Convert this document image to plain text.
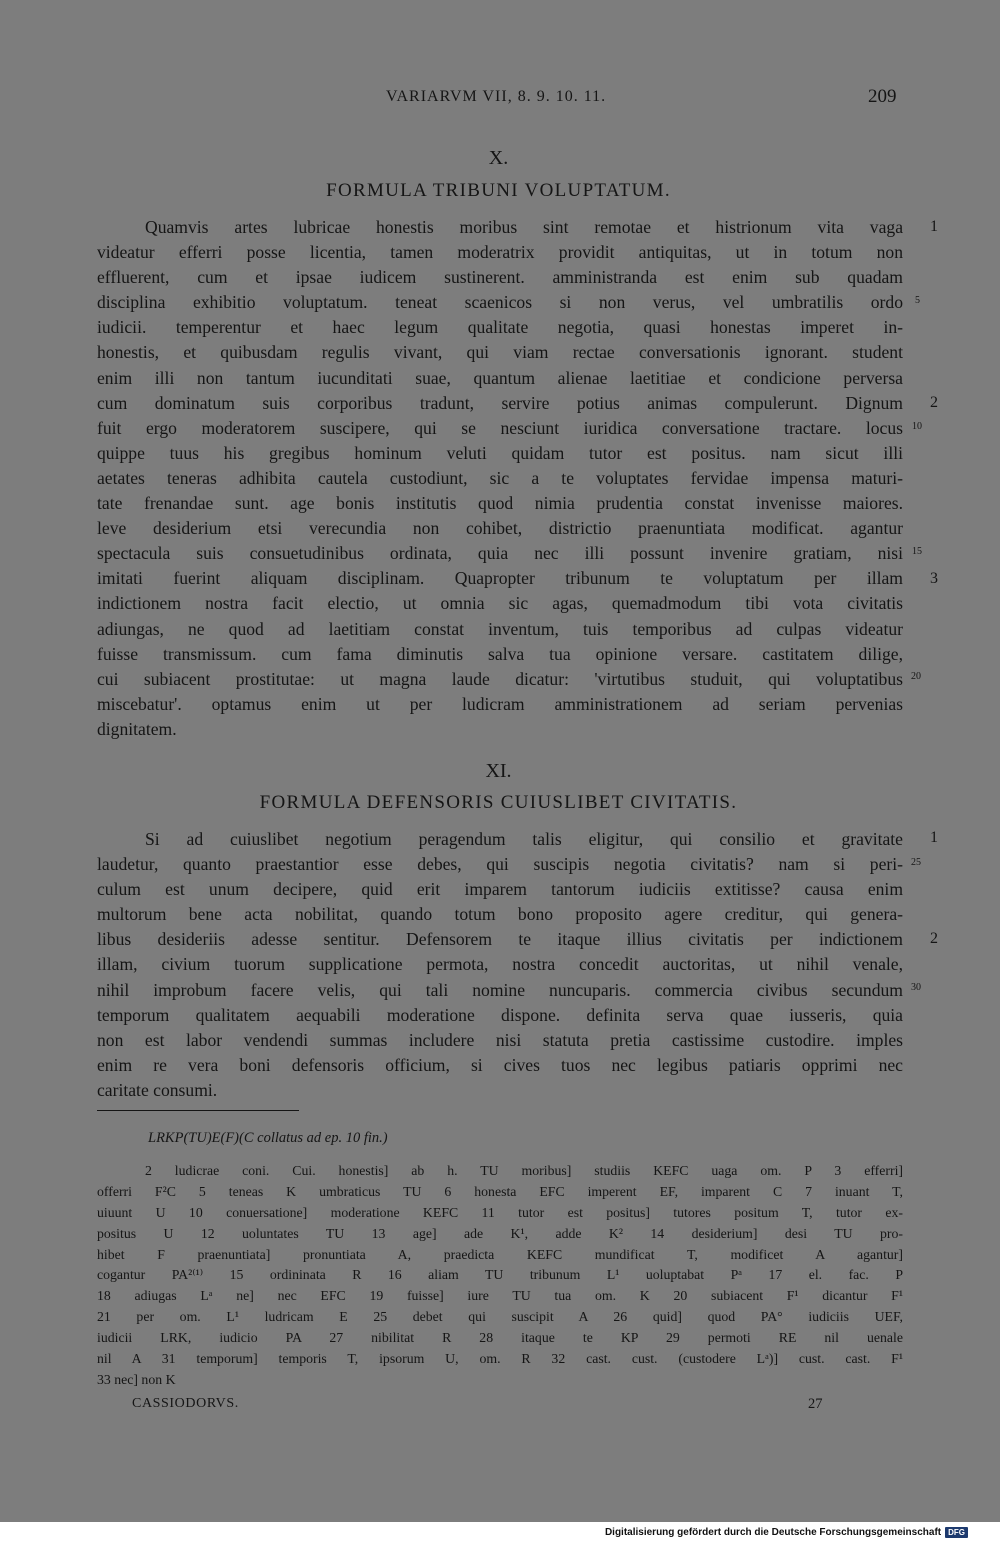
VARIARVM VII, 8. 9. 10. 11.	209
X.
FORMULA TRIBUNI VOLUPTATUM.
Quamvis artes lubricae honestis moribus sint remotae et histrionum vita vaga
videatur efferri posse licentia, tamen moderatrix providit antiquitas, ut in totum non
effluerent, cum et ipsae iudicem sustinerent. amministranda est enim sub quadam
disciplina exhibitio voluptatum. teneat scaenicos si non verus, vel umbratilis ordo
iudicii. temperentur et haec legum qualitate negotia, quasi honestas imperet in-
honestis, et quibusdam regulis vivant, qui viam rectae conversationis ignorant. student
enim illi non tantum iucunditati suae, quantum alienae laetitiae et condicione perversa
cum dominatum suis corporibus tradunt, servire potius animas compulerunt. Dignum
fuit ergo moderatorem suscipere, qui se nesciunt iuridica conversatione tractare. locus
quippe tuus his gregibus hominum veluti quidam tutor est positus. nam sicut illi
aetates teneras adhibita cautela custodiunt, sic a te voluptates fervidae impensa maturi-
tate frenandae sunt. age bonis institutis quod nimia prudentia constat invenisse maiores.
leve desiderium etsi verecundia non cohibet, districtio praenuntiata modificat. agantur
spectacula suis consuetudinibus ordinata, quia nec illi possunt invenire gratiam, nisi
imitati fuerint aliquam disciplinam. Quapropter tribunum te voluptatum per illam
indictionem nostra facit electio, ut omnia sic agas, quemadmodum tibi vota civitatis
adiungas, ne quod ad laetitiam constat inventum, tuis temporibus ad culpas videatur
fuisse transmissum. cum fama diminutis salva tua opinione versare. castitatem dilige,
cui subiacent prostitutae: ut magna laude dicatur: 'virtutibus studuit, qui voluptatibus
miscebatur'. optamus enim ut per ludicram amministrationem ad seriam pervenias
dignitatem.
5
10
15
20
1
2
3
XI.
FORMULA DEFENSORIS CUIUSLIBET CIVITATIS.
Si ad cuiuslibet negotium peragendum talis eligitur, qui consilio et gravitate
laudetur, quanto praestantior esse debes, qui suscipis negotia civitatis? nam si peri-
culum est unum decipere, quid erit imparem tantorum iudiciis extitisse? causa enim
multorum bene acta nobilitat, quando totum bono proposito agere creditur, qui genera-
libus desideriis adesse sentitur. Defensorem te itaque illius civitatis per indictionem
illam, civium tuorum supplicatione permota, nostra concedit auctoritas, ut nihil venale,
nihil improbum facere velis, qui tali nomine nuncuparis. commercia civibus secundum
temporum qualitatem aequabili moderatione dispone. definita serva quae iusseris, quia
non est labor vendendi summas includere nisi statuta pretia castissime custodire. imples
enim re vera boni defensoris officium, si cives tuos nec legibus patiaris opprimi nec
caritate consumi.
25
30
1
2
LRKP(TU)E(F)(C collatus ad ep. 10 fin.)
2 ludicrae coni. Cui. honestis] ab h. TU moribus] studiis KEFC uaga om. P 3 efferri]
offerri F²C 5 teneas K umbraticus TU 6 honesta EFC imperent EF, imparent C 7 inuant T,
uiuunt U 10 conuersatione] moderatione KEFC 11 tutor est positus] tutores positum T, tutor ex-
positus U 12 uoluntates TU 13 age] ade K¹, adde K² 14 desiderium] desi TU pro-
hibet F praenuntiata] pronuntiata A, praedicta KEFC mundificat T, modificet A agantur]
cogantur PA²⁽¹⁾ 15 ordininata R 16 aliam TU tribunum L¹ uoluptabat Pᵃ 17 el. fac. P
18 adiugas Lᵃ ne] nec EFC 19 fuisse] iure TU tua om. K 20 subiacent F¹ dicantur F¹
21 per om. L¹ ludricam E 25 debet qui suscipit A 26 quid] quod PA° iudiciis UEF,
iudicii LRK, iudicio PA 27 nibilitat R 28 itaque te KP 29 permoti RE nil uenale
nil A 31 temporum] temporis T, ipsorum U, om. R 32 cast. cust. (custodere Lᵃ)] cust. cast. F¹
33 nec] non K
CASSIODORVS.	27
Digitalisierung gefördert durch die Deutsche Forschungsgemeinschaft DFG
